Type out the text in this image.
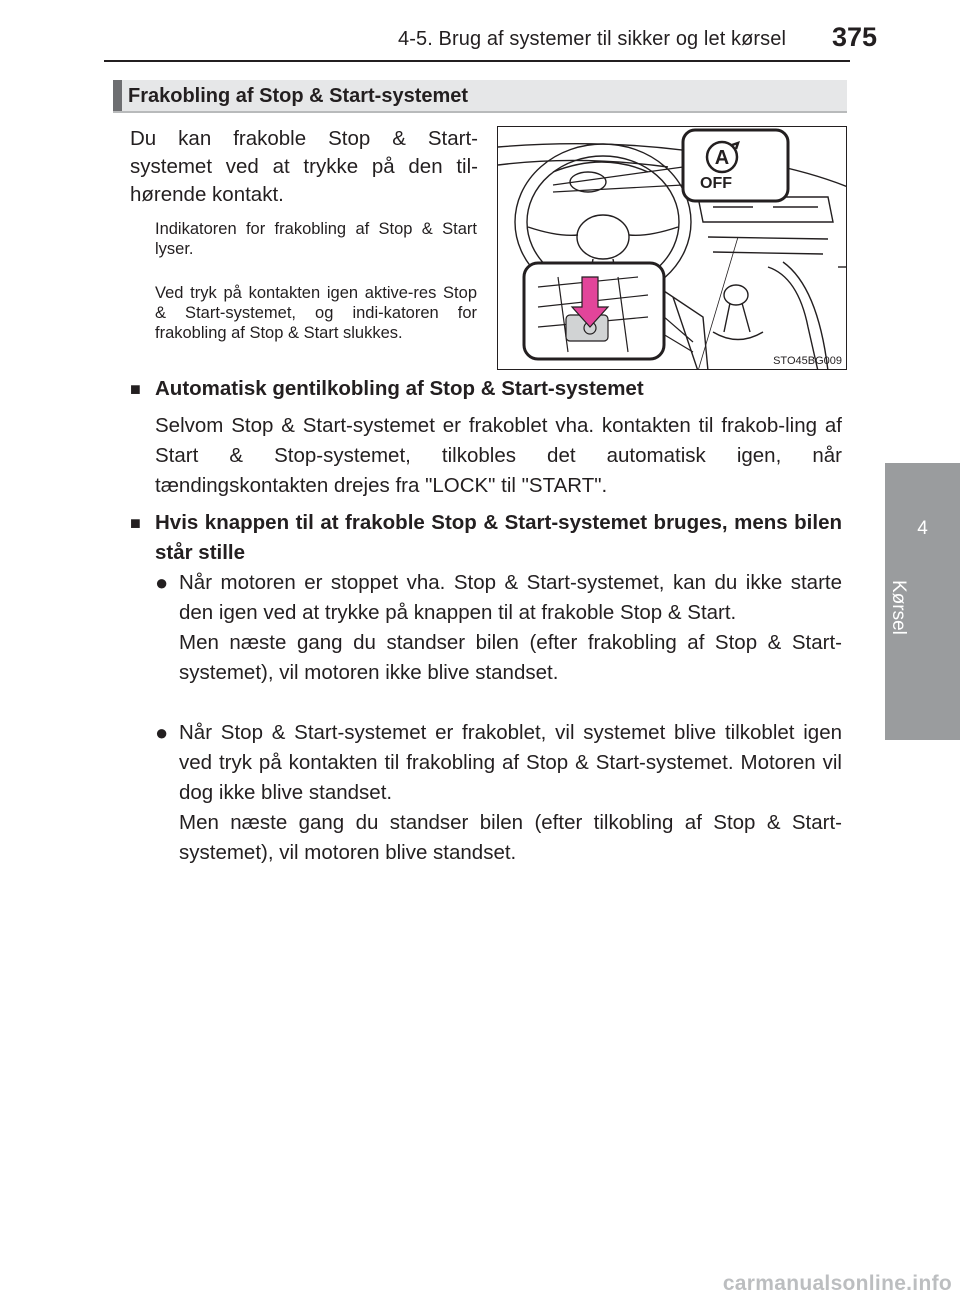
4-5. Brug af systemer til sikker og let kørsel 375
4
Kørsel
Frakobling af Stop & Start-systemet
Du kan frakoble Stop & Start-systemet ved at trykke på den til-hørende kontakt.
Indikatoren for frakobling af Stop & Start lyser.
Ved tryk på kontakten igen aktive-res Stop & Start-systemet, og indi-katoren for frakobling af Stop & Start slukkes.
A
OFF
STO45BG009
■ Automatisk gentilkobling af Stop & Start-systemet
Selvom Stop & Start-systemet er frakoblet vha. kontakten til frakob-ling af Start & Stop-systemet, tilkobles det automatisk igen, når tændingskontakten drejes fra "LOCK" til "START".
■ Hvis knappen til at frakoble Stop & Start-systemet bruges, mens bilen står stille
● Når motoren er stoppet vha. Stop & Start-systemet, kan du ikke starte den igen ved at trykke på knappen til at frakoble Stop & Start.

Men næste gang du standser bilen (efter frakobling af Stop & Start-systemet), vil motoren ikke blive standset.

● Når Stop & Start-systemet er frakoblet, vil systemet blive tilkoblet igen ved tryk på kontakten til frakobling af Stop & Start-systemet. Motoren vil dog ikke blive standset.

Men næste gang du standser bilen (efter tilkobling af Stop & Start-systemet), vil motoren blive standset.

carmanualsonline.info
